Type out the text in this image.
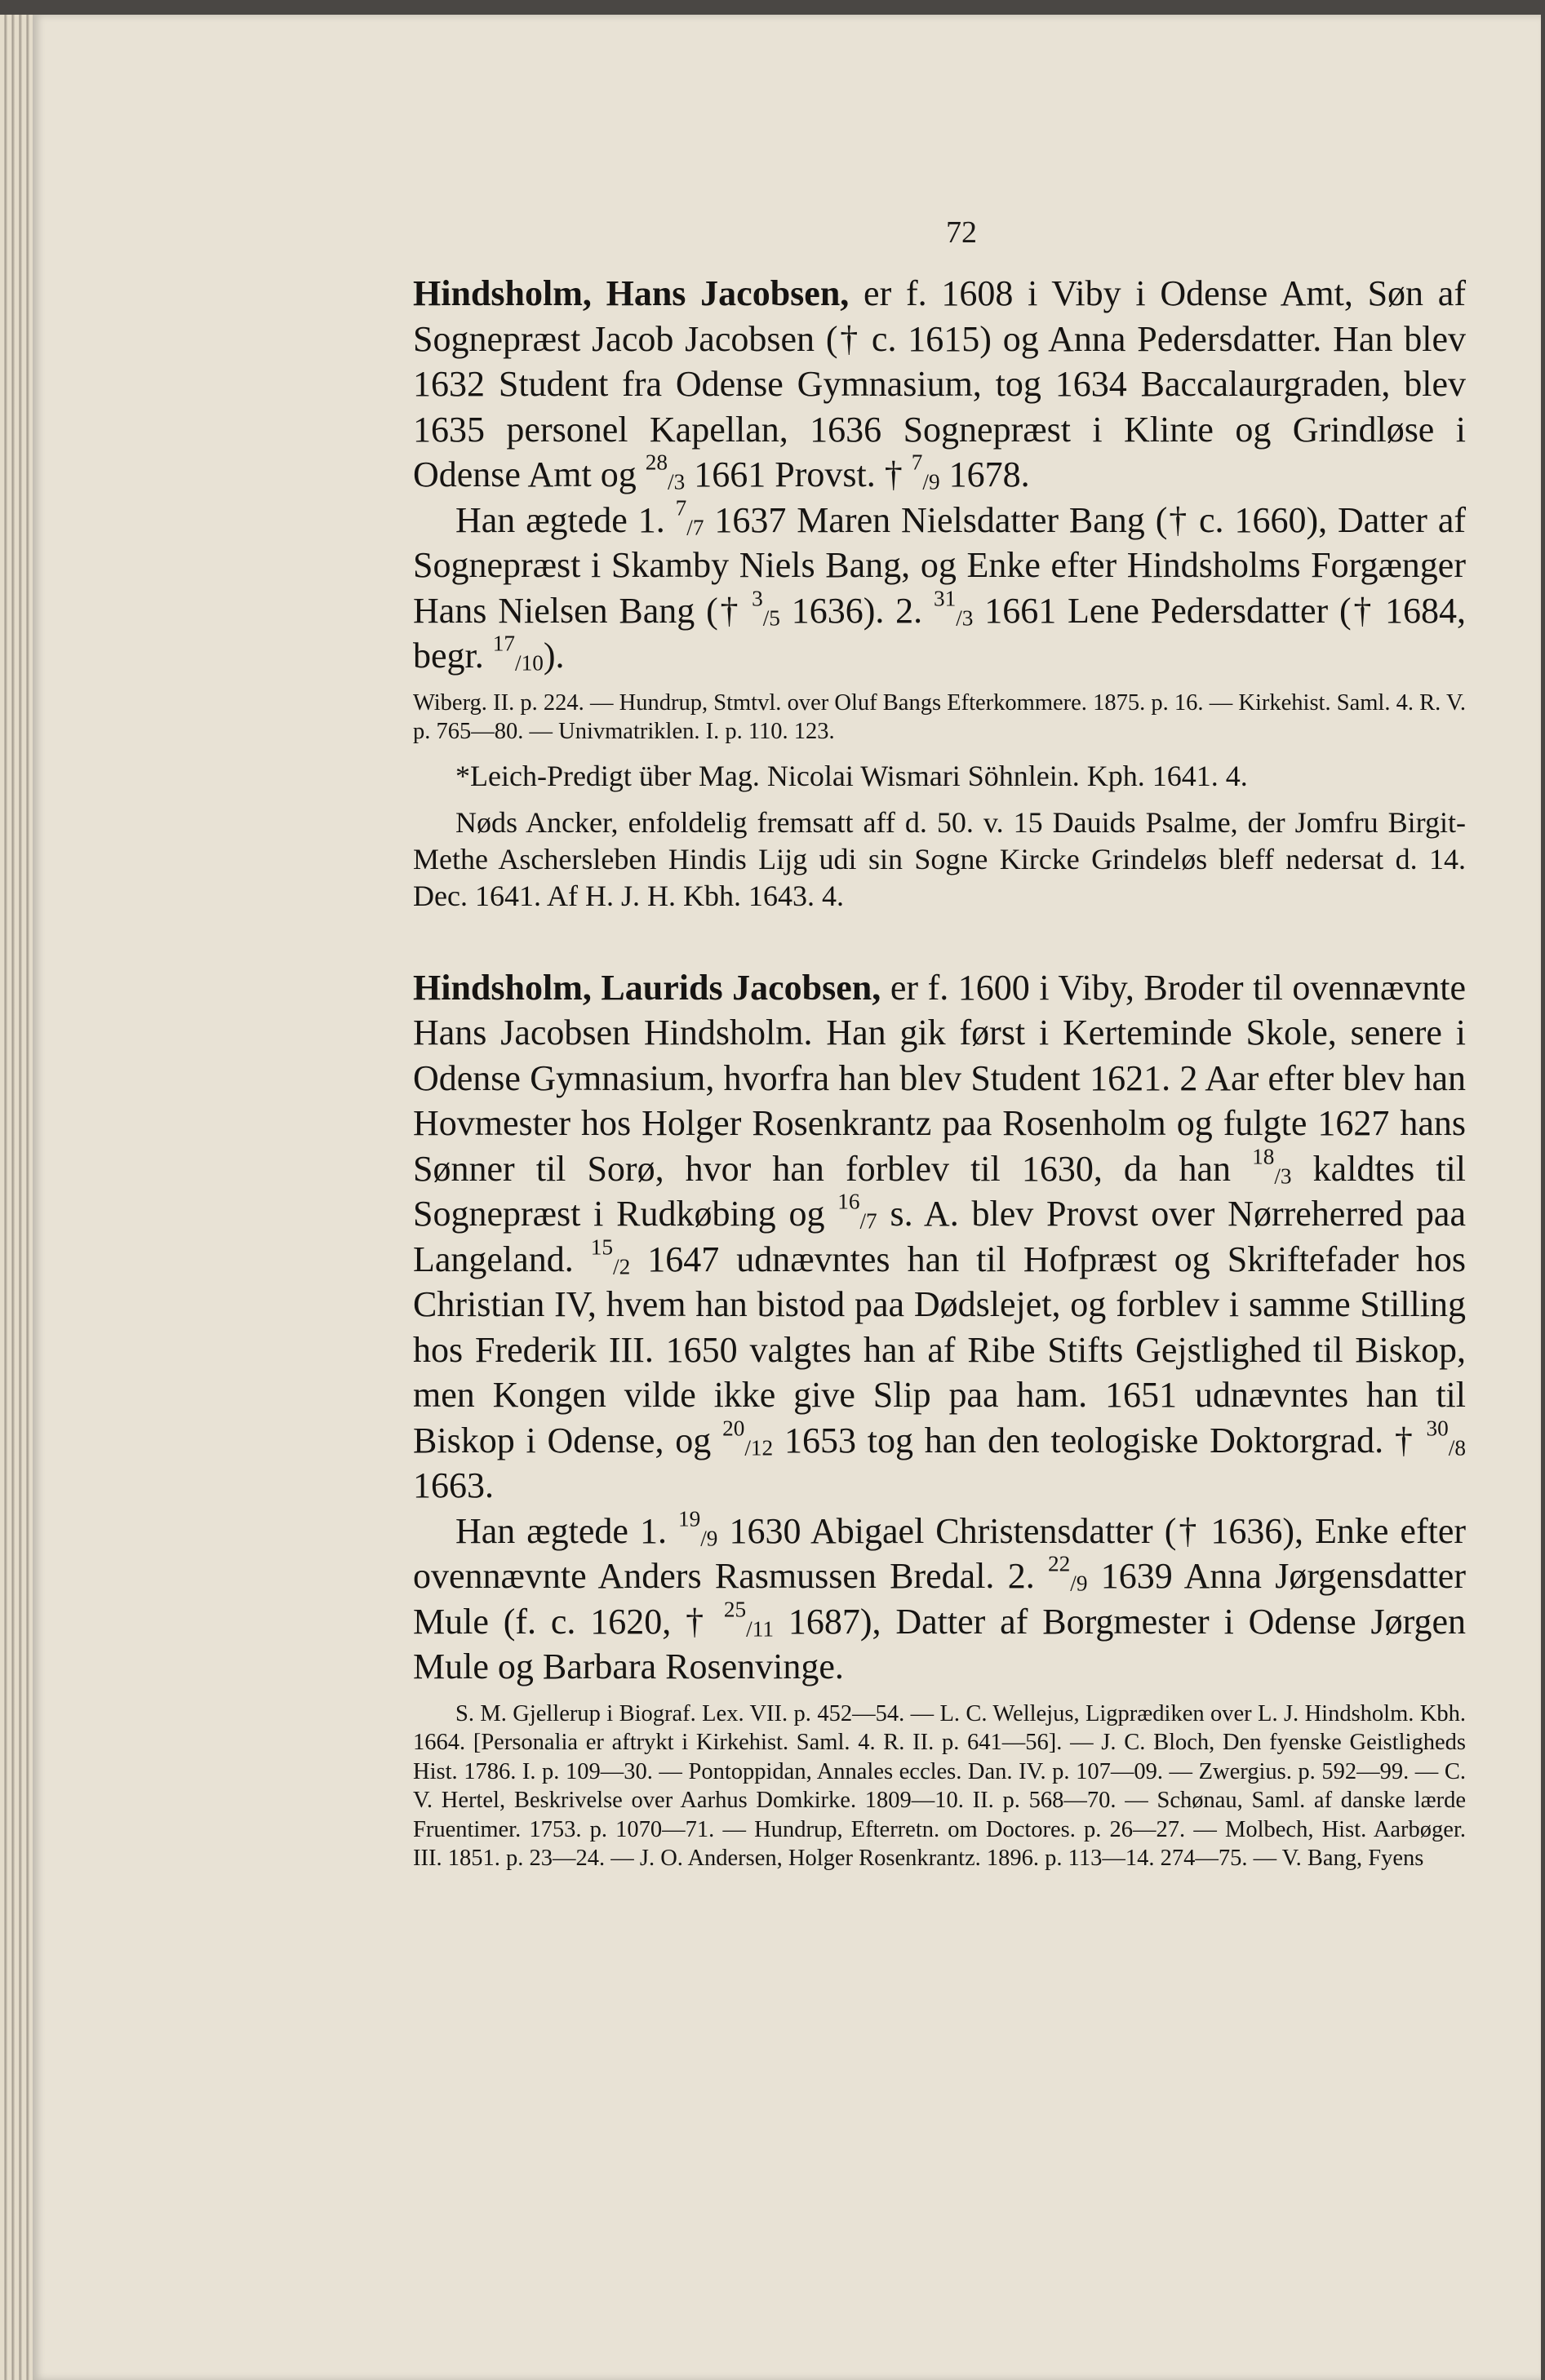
72

Hindsholm, Hans Jacobsen, er f. 1608 i Viby i Odense Amt, Søn af Sognepræst Jacob Jacobsen († c. 1615) og Anna Pedersdatter. Han blev 1632 Student fra Odense Gymnasium, tog 1634 Baccalaurgraden, blev 1635 personel Kapellan, 1636 Sognepræst i Klinte og Grindløse i Odense Amt og $^{28}_{/3}$ 1661 Provst. † $^7_{/9}$ 1678.

Han ægtede 1. $^7_{/7}$ 1637 Maren Nielsdatter Bang († c. 1660), Datter af Sognepræst i Skamby Niels Bang, og Enke efter Hindsholms Forgænger Hans Nielsen Bang († $^3_{/5}$ 1636). 2. $^{31}_{/3}$ 1661 Lene Pedersdatter († 1684, begr. $^{17}_{/10}$).

Wiberg. II. p. 224. — Hundrup, Stmtvl. over Oluf Bangs Efterkommere. 1875. p. 16. — Kirkehist. Saml. 4. R. V. p. 765—80. — Univmatriklen. I. p. 110. 123.

*Leich-Predigt über Mag. Nicolai Wismari Söhnlein. Kph. 1641. 4.

Nøds Ancker, enfoldelig fremsatt aff d. 50. v. 15 Dauids Psalme, der Jomfru Birgit-Methe Aschersleben Hindis Lijg udi sin Sogne Kircke Grindeløs bleff nedersat d. 14. Dec. 1641. Af H. J. H. Kbh. 1643. 4.

Hindsholm, Laurids Jacobsen, er f. 1600 i Viby, Broder til ovennævnte Hans Jacobsen Hindsholm. Han gik først i Kerteminde Skole, senere i Odense Gymnasium, hvorfra han blev Student 1621. 2 Aar efter blev han Hovmester hos Holger Rosenkrantz paa Rosenholm og fulgte 1627 hans Sønner til Sorø, hvor han forblev til 1630, da han $^{18}_{/3}$ kaldtes til Sognepræst i Rudkøbing og $^{16}_{/7}$ s. A. blev Provst over Nørreherred paa Langeland. $^{15}_{/2}$ 1647 udnævntes han til Hofpræst og Skriftefader hos Christian IV, hvem han bistod paa Dødslejet, og forblev i samme Stilling hos Frederik III. 1650 valgtes han af Ribe Stifts Gejstlighed til Biskop, men Kongen vilde ikke give Slip paa ham. 1651 udnævntes han til Biskop i Odense, og $^{20}_{/12}$ 1653 tog han den teologiske Doktorgrad. † $^{30}_{/8}$ 1663.

Han ægtede 1. $^{19}_{/9}$ 1630 Abigael Christensdatter († 1636), Enke efter ovennævnte Anders Rasmussen Bredal. 2. $^{22}_{/9}$ 1639 Anna Jørgensdatter Mule (f. c. 1620, † $^{25}_{/11}$ 1687), Datter af Borgmester i Odense Jørgen Mule og Barbara Rosenvinge.

S. M. Gjellerup i Biograf. Lex. VII. p. 452—54. — L. C. Wellejus, Ligprædiken over L. J. Hindsholm. Kbh. 1664. [Personalia er aftrykt i Kirkehist. Saml. 4. R. II. p. 641—56]. — J. C. Bloch, Den fyenske Geistligheds Hist. 1786. I. p. 109—30. — Pontoppidan, Annales eccles. Dan. IV. p. 107—09. — Zwergius. p. 592—99. — C. V. Hertel, Beskrivelse over Aarhus Domkirke. 1809—10. II. p. 568—70. — Schønau, Saml. af danske lærde Fruentimer. 1753. p. 1070—71. — Hundrup, Efterretn. om Doctores. p. 26—27. — Molbech, Hist. Aarbøger. III. 1851. p. 23—24. — J. O. Andersen, Holger Rosenkrantz. 1896. p. 113—14. 274—75. — V. Bang, Fyens
